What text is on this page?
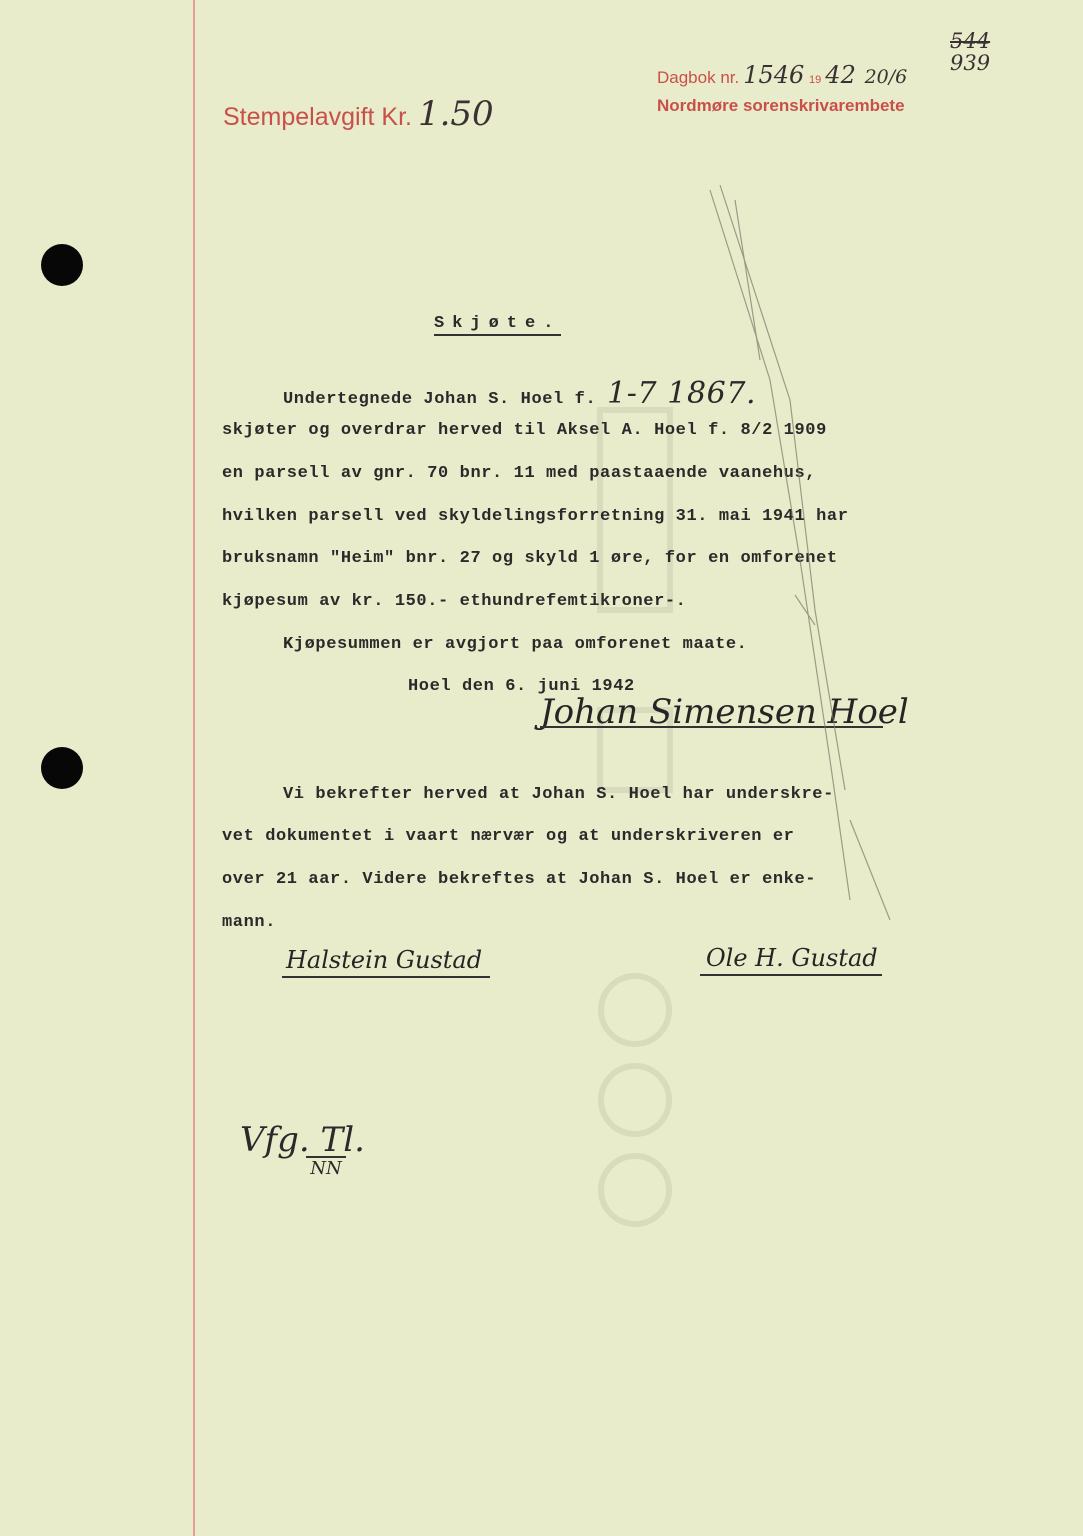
Stempelavgift Kr. 1.50
Dagbok nr. 1546 19 42 20/6
Nordmøre sorenskrivarembete
544
939
Skjøte.
Undertegnede Johan S. Hoel f. 1-7 1867.
skjøter og overdrar herved til Aksel A. Hoel f. 8/2 1909
en parsell av gnr. 70 bnr. 11 med paastaaende vaanehus,
hvilken parsell ved skyldelingsforretning 31. mai 1941 har
bruksnamn "Heim" bnr. 27 og skyld 1 øre, for en omforenet
kjøpesum av kr. 150.- ethundrefemtikroner-.
Kjøpesummen er avgjort paa omforenet maate.
Hoel den 6. juni 1942
Johan Simensen Hoel
Vi bekrefter herved at Johan S. Hoel har underskre-
vet dokumentet i vaart nærvær og at underskriveren er
over 21 aar. Videre bekreftes at Johan S. Hoel er enke-
mann.
Halstein Gustad	Ole H. Gustad
Vfg. Tl.
NN
